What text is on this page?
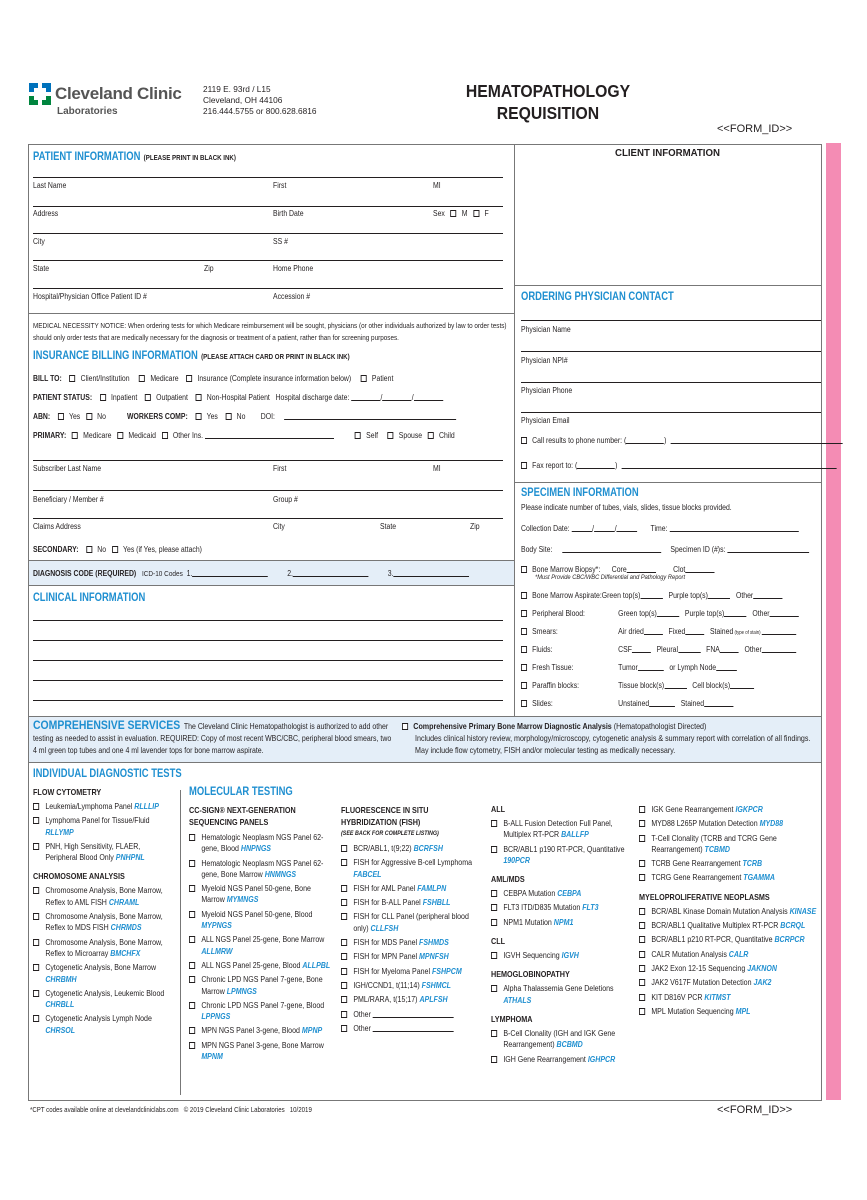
Cleveland Clinic
Laboratories
2119 E. 93rd / L15
Cleveland, OH 44106
216.444.5755 or 800.628.6816
HEMATOPATHOLOGY
REQUISITION
<<FORM_ID>>
PATIENT INFORMATION (PLEASE PRINT IN BLACK INK)
Last Name	First	MI
Address	Birth Date	Sex M F
City	SS #
State	Zip	Home Phone
Hospital/Physician Office Patient ID #	Accession #
CLIENT INFORMATION
MEDICAL NECESSITY NOTICE: When ordering tests for which Medicare reimbursement will be sought, physicians (or other individuals authorized by law to order tests) should only order tests that are medically necessary for the diagnosis or treatment of a patient, rather than for screening purposes.
INSURANCE BILLING INFORMATION (PLEASE ATTACH CARD OR PRINT IN BLACK INK)
BILL TO: Client/Institution	Medicare Insurance (Complete insurance information below)	Patient
PATIENT STATUS: Inpatient Outpatient Non-Hospital Patient Hospital discharge date:	/	/
ABN: Yes No	WORKERS COMP: Yes No DOI:
PRIMARY: Medicare Medicaid Other Ins.	Self	Spouse Child
Subscriber Last Name	First	MI
Beneficiary / Member #	Group #
Claims Address	City	State	Zip
SECONDARY: No Yes (if Yes, please attach)
DIAGNOSIS CODE (REQUIRED) ICD-10 Codes 1.	2.	3.
CLINICAL INFORMATION
ORDERING PHYSICIAN CONTACT
Physician Name
Physician NPI#
Physician Phone
Physician Email
Call results to phone number: (	)
Fax report to: (	)
SPECIMEN INFORMATION
Please indicate number of tubes, vials, slides, tissue blocks provided.
Collection Date:	/	/	Time:
Body Site:	Specimen ID (#)s:
Bone Marrow Biopsy*: Core	Clot
*Must Provide CBC/WBC Differential and Pathology Report
Bone Marrow Aspirate:Green top(s)	Purple top(s)	Other
Peripheral Blood:	Green top(s)	Purple top(s)	Other
Smears:	Air dried	Fixed	Stained (type of stain)
Fluids:	CSF	Pleural	FNA	Other
Fresh Tissue:	Tumor	or Lymph Node
Paraffin blocks:	Tissue block(s)	Cell block(s)
Slides:	Unstained	Stained
COMPREHENSIVE SERVICES The Cleveland Clinic Hematopathologist is authorized to add other testing as needed to assist in evaluation. REQUIRED: Copy of most recent WBC/CBC, peripheral blood smears, two 4 ml green top tubes and one 4 ml lavender tops for bone marrow aspirate.
Comprehensive Primary Bone Marrow Diagnostic Analysis (Hematopathologist Directed)
Includes clinical history review, morphology/microscopy, cytogenetic analysis & summary report with correlation of all findings. May include flow cytometry, FISH and/or molecular testing as medically necessary.
INDIVIDUAL DIAGNOSTIC TESTS
MOLECULAR TESTING
FLOW CYTOMETRY
Leukemia/Lymphoma Panel RLLLIP
Lymphoma Panel for Tissue/Fluid RLLYMP
PNH, High Sensitivity, FLAER, Peripheral Blood Only PNHPNL
CHROMOSOME ANALYSIS
Chromosome Analysis, Bone Marrow, Reflex to AML FISH CHRAML
Chromosome Analysis, Bone Marrow, Reflex to MDS FISH CHRMDS
Chromosome Analysis, Bone Marrow, Reflex to Microarray BMCHFX
Cytogenetic Analysis, Bone Marrow CHRBMH
Cytogenetic Analysis, Leukemic Blood CHRBLL
Cytogenetic Analysis Lymph Node CHRSOL
CC-SIGN® NEXT-GENERATION SEQUENCING PANELS
Hematologic Neoplasm NGS Panel 62-gene, Blood HNPNGS
Hematologic Neoplasm NGS Panel 62-gene, Bone Marrow HNMNGS
Myeloid NGS Panel 50-gene, Bone Marrow MYMNGS
Myeloid NGS Panel 50-gene, Blood MYPNGS
ALL NGS Panel 25-gene, Bone Marrow ALLMRW
ALL NGS Panel 25-gene, Blood ALLPBL
Chronic LPD NGS Panel 7-gene, Bone Marrow LPMNGS
Chronic LPD NGS Panel 7-gene, Blood LPPNGS
MPN NGS Panel 3-gene, Blood MPNP
MPN NGS Panel 3-gene, Bone Marrow MPNM
FLUORESCENCE IN SITU HYBRIDIZATION (FISH)
(SEE BACK FOR COMPLETE LISTING)
BCR/ABL1, t(9;22) BCRFSH
FISH for Aggressive B-cell Lymphoma FABCEL
FISH for AML Panel FAMLPN
FISH for B-ALL Panel FSHBLL
FISH for CLL Panel (peripheral blood only) CLLFSH
FISH for MDS Panel FSHMDS
FISH for MPN Panel MPNFSH
FISH for Myeloma Panel FSHPCM
IGH/CCND1, t(11;14) FSHMCL
PML/RARA, t(15;17) APLFSH
Other
Other
ALL
B-ALL Fusion Detection Full Panel, Multiplex RT-PCR BALLFP
BCR/ABL1 p190 RT-PCR, Quantitative 190PCR
AML/MDS
CEBPA Mutation CEBPA
FLT3 ITD/D835 Mutation FLT3
NPM1 Mutation NPM1
CLL
IGVH Sequencing IGVH
HEMOGLOBINOPATHY
Alpha Thalassemia Gene Deletions ATHALS
LYMPHOMA
B-Cell Clonality (IGH and IGK Gene Rearrangement) BCBMD
IGH Gene Rearrangement IGHPCR
IGK Gene Rearrangement IGKPCR
MYD88 L265P Mutation Detection MYD88
T-Cell Clonality (TCRB and TCRG Gene Rearrangement) TCBMD
TCRB Gene Rearrangement TCRB
TCRG Gene Rearrangement TGAMMA
MYELOPROLIFERATIVE NEOPLASMS
BCR/ABL Kinase Domain Mutation Analysis KINASE
BCR/ABL1 Qualitative Multiplex RT-PCR BCRQL
BCR/ABL1 p210 RT-PCR, Quantitative BCRPCR
CALR Mutation Analysis CALR
JAK2 Exon 12-15 Sequencing JAKNON
JAK2 V617F Mutation Detection JAK2
KIT D816V PCR KITMST
MPL Mutation Sequencing MPL
*CPT codes available online at clevelandcliniclabs.com   © 2019 Cleveland Clinic Laboratories   10/2019	<<FORM_ID>>
